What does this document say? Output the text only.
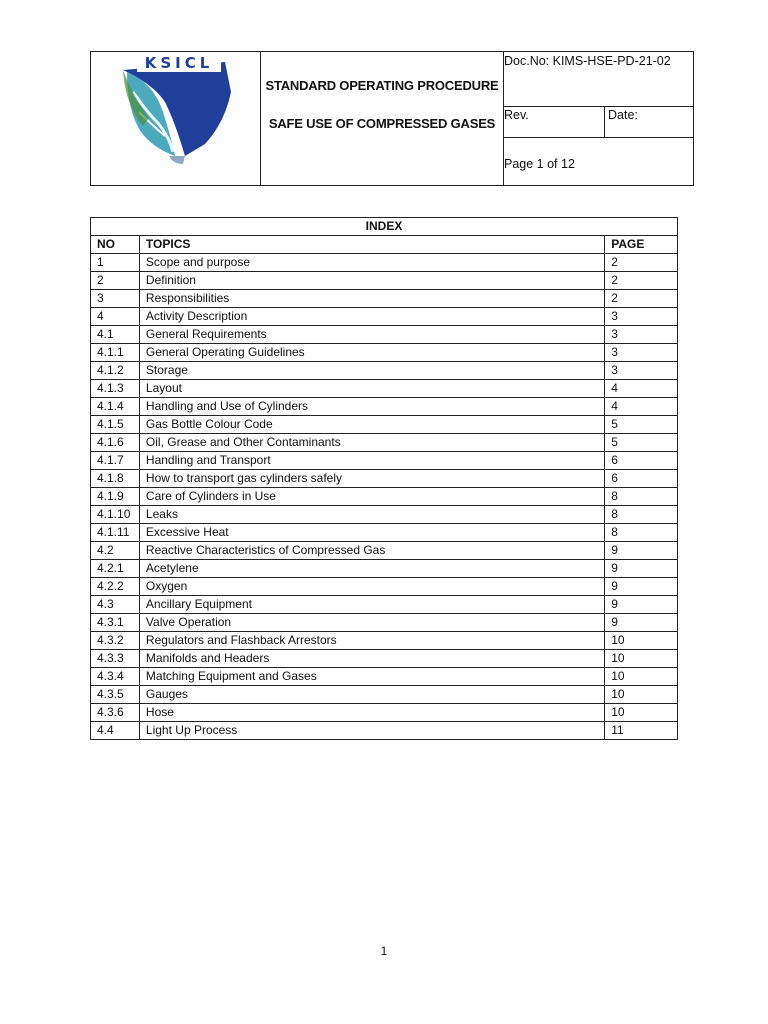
KSICL
STANDARD OPERATING PROCEDURE
SAFE USE OF COMPRESSED GASES
Doc.No: KIMS-HSE-PD-21-02
Rev.	Date:
Page 1 of 12
INDEX		
NO	TOPICS	PAGE
1	Scope and purpose	2
2	Definition	2
3	Responsibilities	2
4	Activity Description	3
4.1	General Requirements	3
4.1.1	General Operating Guidelines	3
4.1.2	Storage	3
4.1.3	Layout	4
4.1.4	Handling and Use of Cylinders	4
4.1.5	Gas Bottle Colour Code	5
4.1.6	Oil, Grease and Other Contaminants	5
4.1.7	Handling and Transport	6
4.1.8	How to transport gas cylinders safely	6
4.1.9	Care of Cylinders in Use	8
4.1.10	Leaks	8
4.1.11	Excessive Heat	8
4.2	Reactive Characteristics of Compressed Gas	9
4.2.1	Acetylene	9
4.2.2	Oxygen	9
4.3	Ancillary Equipment	9
4.3.1	Valve Operation	9
4.3.2	Regulators and Flashback Arrestors	10
4.3.3	Manifolds and Headers	10
4.3.4	Matching Equipment and Gases	10
4.3.5	Gauges	10
4.3.6	Hose	10
4.4	Light Up Process	11
1
